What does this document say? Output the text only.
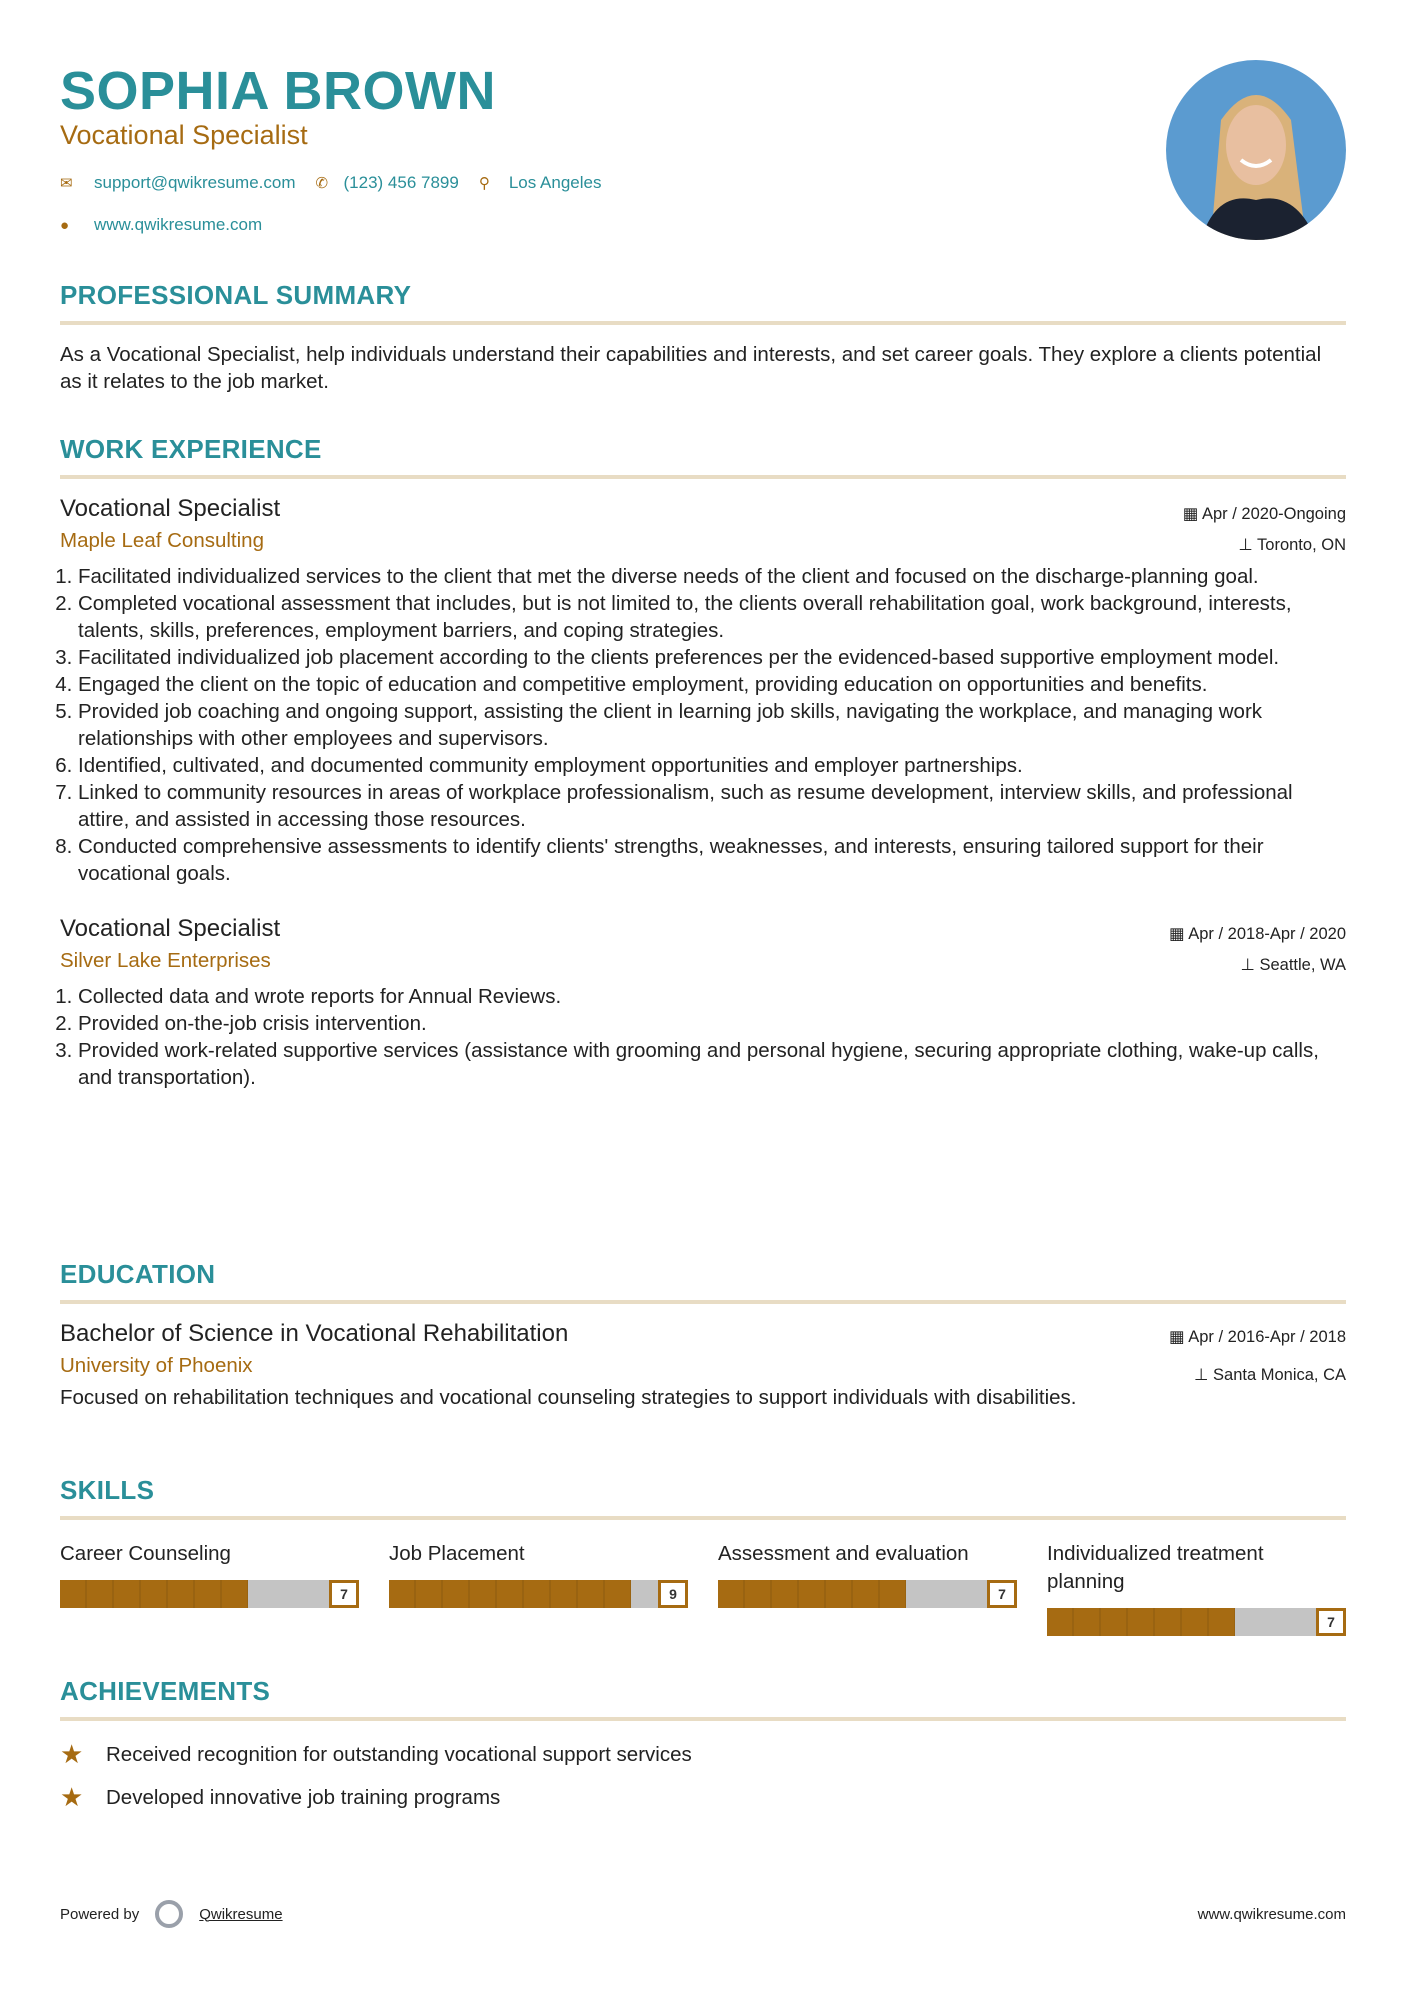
SOPHIA BROWN
Vocational Specialist
✉	support@qwikresume.com ✆ (123) 456 7899 ⚲	Los Angeles
●	www.qwikresume.com
PROFESSIONAL SUMMARY
As a Vocational Specialist, help individuals understand their capabilities and interests, and set career goals. They explore a clients potential as it relates to the job market.
WORK EXPERIENCE
Vocational Specialist
Maple Leaf Consulting
▦ Apr / 2020-Ongoing
⊥ Toronto, ON
1. Facilitated individualized services to the client that met the diverse needs of the client and focused on the discharge-planning goal.
2. Completed vocational assessment that includes, but is not limited to, the clients overall rehabilitation goal, work background, interests, talents, skills, preferences, employment barriers, and coping strategies.
3. Facilitated individualized job placement according to the clients preferences per the evidenced-based supportive employment model.
4. Engaged the client on the topic of education and competitive employment, providing education on opportunities and benefits.
5. Provided job coaching and ongoing support, assisting the client in learning job skills, navigating the workplace, and managing work relationships with other employees and supervisors.
6. Identified, cultivated, and documented community employment opportunities and employer partnerships.
7. Linked to community resources in areas of workplace professionalism, such as resume development, interview skills, and professional attire, and assisted in accessing those resources.
8. Conducted comprehensive assessments to identify clients' strengths, weaknesses, and interests, ensuring tailored support for their vocational goals.
Vocational Specialist
Silver Lake Enterprises
▦ Apr / 2018-Apr / 2020
⊥ Seattle, WA
1. Collected data and wrote reports for Annual Reviews.
2. Provided on-the-job crisis intervention.
3. Provided work-related supportive services (assistance with grooming and personal hygiene, securing appropriate clothing, wake-up calls, and transportation).
EDUCATION
Bachelor of Science in Vocational Rehabilitation
University of Phoenix
▦ Apr / 2016-Apr / 2018
⊥ Santa Monica, CA
Focused on rehabilitation techniques and vocational counseling strategies to support individuals with disabilities.
SKILLS
Career Counseling
7
Job Placement
9
Assessment and evaluation
7
Individualized treatment planning
7
ACHIEVEMENTS
★	Received recognition for outstanding vocational support services
★	Developed innovative job training programs
Powered by	Qwikresume	www.qwikresume.com
